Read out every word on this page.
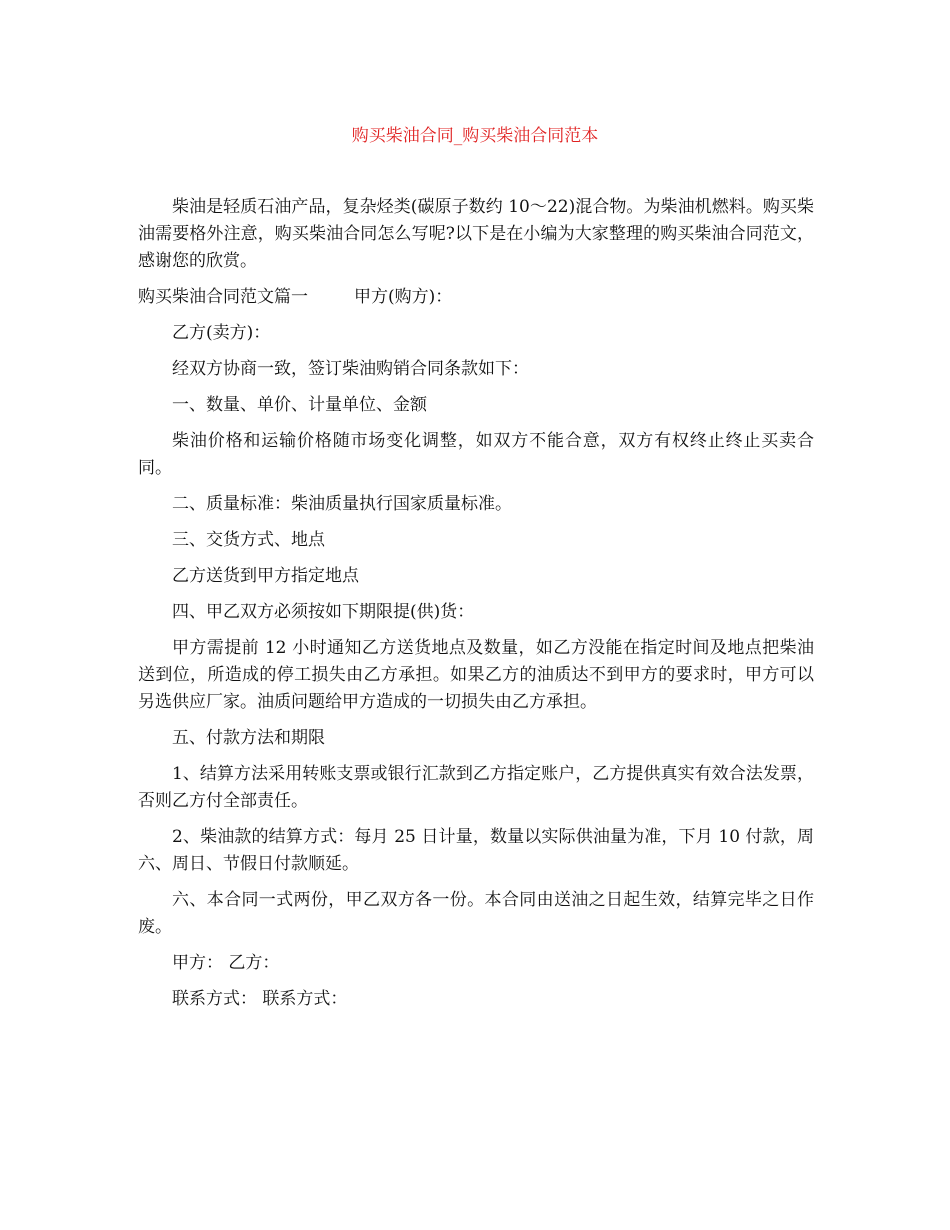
购买柴油合同_购买柴油合同范本

柴油是轻质石油产品，复杂烃类(碳原子数约 10～22)混合物。为柴油机燃料。购买柴油需要格外注意，购买柴油合同怎么写呢?以下是在小编为大家整理的购买柴油合同范文，感谢您的欣赏。

购买柴油合同范文篇一	甲方(购方)：

乙方(卖方)：

经双方协商一致，签订柴油购销合同条款如下：

一、数量、单价、计量单位、金额

柴油价格和运输价格随市场变化调整，如双方不能合意，双方有权终止终止买卖合同。

二、质量标准：柴油质量执行国家质量标准。

三、交货方式、地点

乙方送货到甲方指定地点

四、甲乙双方必须按如下期限提(供)货：

甲方需提前 12 小时通知乙方送货地点及数量，如乙方没能在指定时间及地点把柴油送到位，所造成的停工损失由乙方承担。如果乙方的油质达不到甲方的要求时，甲方可以另选供应厂家。油质问题给甲方造成的一切损失由乙方承担。

五、付款方法和期限

1、结算方法采用转账支票或银行汇款到乙方指定账户，乙方提供真实有效合法发票，否则乙方付全部责任。

2、柴油款的结算方式：每月 25 日计量，数量以实际供油量为准，下月 10 付款，周六、周日、节假日付款顺延。

六、本合同一式两份，甲乙双方各一份。本合同由送油之日起生效，结算完毕之日作废。

甲方： 乙方：

联系方式： 联系方式：
